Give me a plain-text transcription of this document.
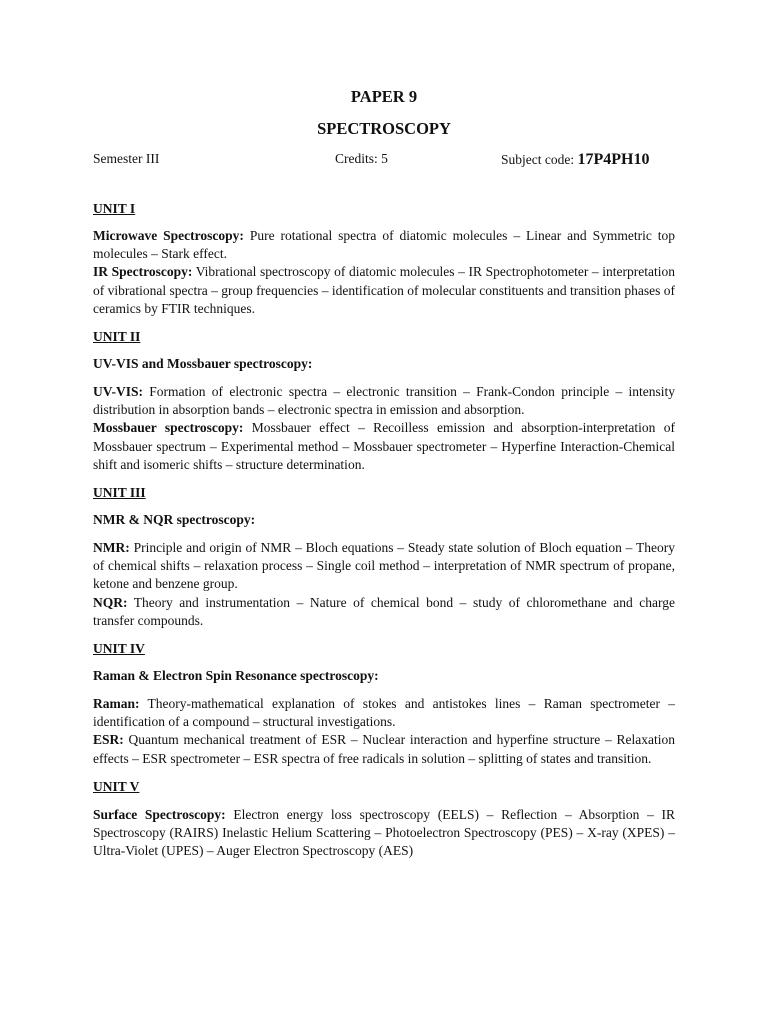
PAPER 9
SPECTROSCOPY
Semester III	Credits: 5	Subject code: 17P4PH10
UNIT I

Microwave Spectroscopy: Pure rotational spectra of diatomic molecules – Linear and Symmetric top molecules – Stark effect.

IR Spectroscopy: Vibrational spectroscopy of diatomic molecules – IR Spectrophotometer – interpretation of vibrational spectra – group frequencies – identification of molecular constituents and transition phases of ceramics by FTIR techniques.

UNIT II

UV-VIS and Mossbauer spectroscopy:

UV-VIS: Formation of electronic spectra – electronic transition – Frank-Condon principle – intensity distribution in absorption bands – electronic spectra in emission and absorption.

Mossbauer spectroscopy: Mossbauer effect – Recoilless emission and absorption-interpretation of Mossbauer spectrum – Experimental method – Mossbauer spectrometer – Hyperfine Interaction-Chemical shift and isomeric shifts – structure determination.

UNIT III

NMR & NQR spectroscopy:

NMR: Principle and origin of NMR – Bloch equations – Steady state solution of Bloch equation – Theory of chemical shifts – relaxation process – Single coil method – interpretation of NMR spectrum of propane, ketone and benzene group.

NQR: Theory and instrumentation – Nature of chemical bond – study of chloromethane and charge transfer compounds.

UNIT IV

Raman & Electron Spin Resonance spectroscopy:

Raman: Theory-mathematical explanation of stokes and antistokes lines – Raman spectrometer – identification of a compound – structural investigations.

ESR: Quantum mechanical treatment of ESR – Nuclear interaction and hyperfine structure – Relaxation effects – ESR spectrometer – ESR spectra of free radicals in solution – splitting of states and transition.

UNIT V

Surface Spectroscopy: Electron energy loss spectroscopy (EELS) – Reflection – Absorption – IR Spectroscopy (RAIRS) Inelastic Helium Scattering – Photoelectron Spectroscopy (PES) – X-ray (XPES) – Ultra-Violet (UPES) – Auger Electron Spectroscopy (AES)
